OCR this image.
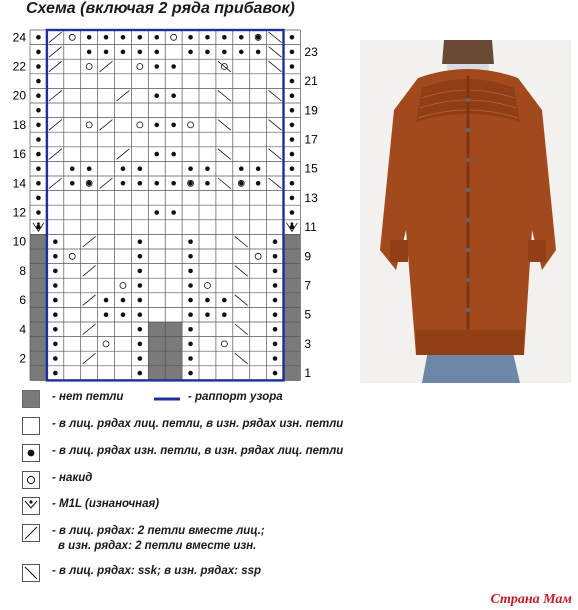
Схема (включая 2 ряда прибавок)
24
22
20
18
16
14
12
10
8
6
4
2
23
21
19
17
15
13
11
9
7
5
3
1
- нет петли	- раппорт узора
- в лиц. рядах лиц. петли, в изн. рядах изн. петли
- в лиц. рядах изн. петли, в изн. рядах лиц. петли
- накид
- M1L (изнаночная)
- в лиц. рядах: 2 петли вместе лиц.;
в изн. рядах: 2 петли вместе изн.
- в лиц. рядах: ssk; в изн. рядах: ssp
Страна Мам
